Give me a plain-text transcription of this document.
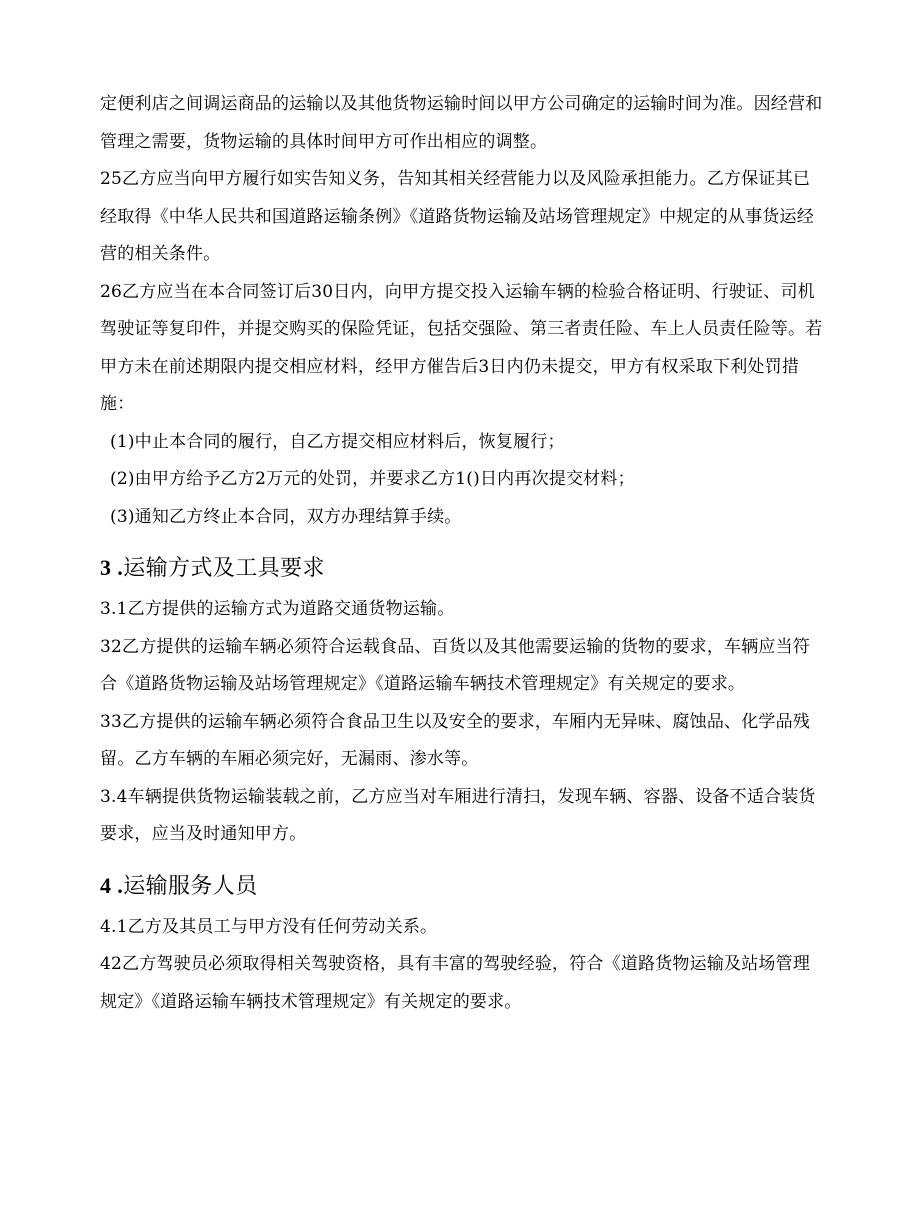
定便利店之间调运商品的运输以及其他货物运输时间以甲方公司确定的运输时间为准。因经营和管理之需要，货物运输的具体时间甲方可作出相应的调整。

25乙方应当向甲方履行如实告知义务，告知其相关经营能力以及风险承担能力。乙方保证其已经取得《中华人民共和国道路运输条例》《道路货物运输及站场管理规定》中规定的从事货运经营的相关条件。

26乙方应当在本合同签订后30日内，向甲方提交投入运输车辆的检验合格证明、行驶证、司机驾驶证等复印件，并提交购买的保险凭证，包括交强险、第三者责任险、车上人员责任险等。若甲方未在前述期限内提交相应材料，经甲方催告后3日内仍未提交，甲方有权采取下利处罚措施：

(1)中止本合同的履行，自乙方提交相应材料后，恢复履行；

(2)由甲方给予乙方2万元的处罚，并要求乙方1()日内再次提交材料；

(3)通知乙方终止本合同，双方办理结算手续。

3 .运输方式及工具要求

3.1乙方提供的运输方式为道路交通货物运输。

32乙方提供的运输车辆必须符合运载食品、百货以及其他需要运输的货物的要求，车辆应当符合《道路货物运输及站场管理规定》《道路运输车辆技术管理规定》有关规定的要求。

33乙方提供的运输车辆必须符合食品卫生以及安全的要求，车厢内无异味、腐蚀品、化学品残留。乙方车辆的车厢必须完好，无漏雨、渗水等。

3.4车辆提供货物运输装载之前，乙方应当对车厢进行清扫，发现车辆、容器、设备不适合装货要求，应当及时通知甲方。

4 .运输服务人员

4.1乙方及其员工与甲方没有任何劳动关系。

42乙方驾驶员必须取得相关驾驶资格，具有丰富的驾驶经验，符合《道路货物运输及站场管理规定》《道路运输车辆技术管理规定》有关规定的要求。
